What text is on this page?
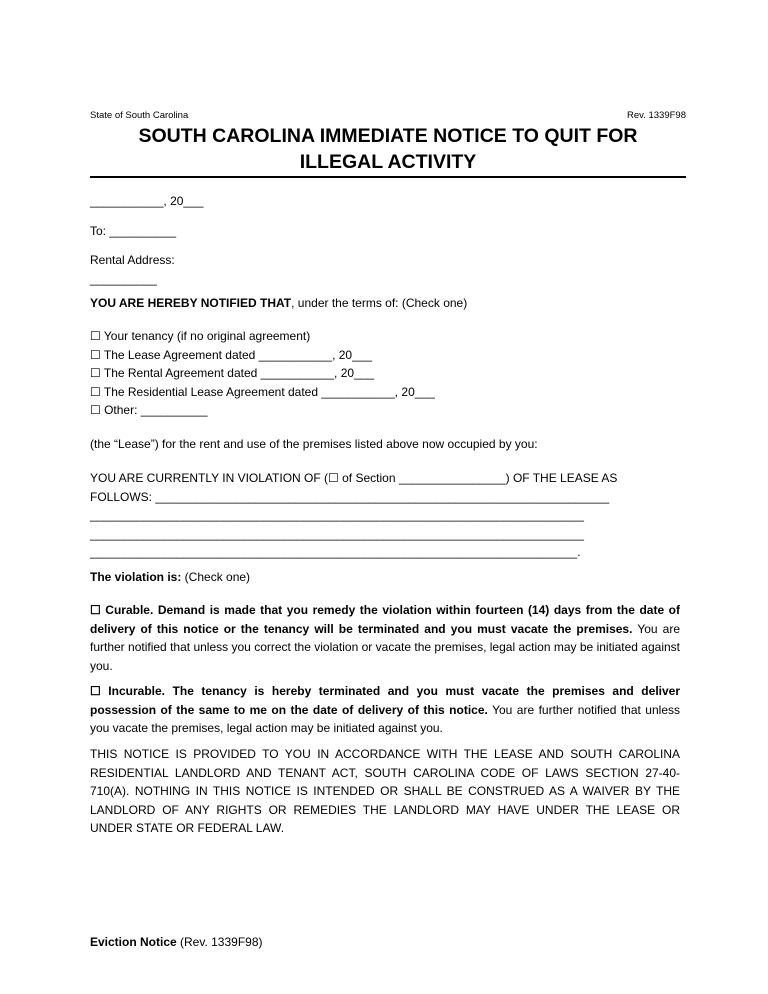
State of South Carolina	Rev. 1339F98
SOUTH CAROLINA IMMEDIATE NOTICE TO QUIT FOR
ILLEGAL ACTIVITY
___________, 20___
To: __________
Rental Address:
__________
YOU ARE HEREBY NOTIFIED THAT, under the terms of: (Check one)
☐ Your tenancy (if no original agreement)
☐ The Lease Agreement dated ___________, 20___
☐ The Rental Agreement dated ___________, 20___
☐ The Residential Lease Agreement dated ___________, 20___
☐ Other: __________
(the “Lease”) for the rent and use of the premises listed above now occupied by you:
YOU ARE CURRENTLY IN VIOLATION OF (☐ of Section ________________) OF THE LEASE AS
FOLLOWS: ____________________________________________________________________
__________________________________________________________________________
__________________________________________________________________________
_________________________________________________________________________.
The violation is: (Check one)
☐ Curable. Demand is made that you remedy the violation within fourteen (14) days from the date of delivery of this notice or the tenancy will be terminated and you must vacate the premises. You are further notified that unless you correct the violation or vacate the premises, legal action may be initiated against you.
☐ Incurable. The tenancy is hereby terminated and you must vacate the premises and deliver possession of the same to me on the date of delivery of this notice. You are further notified that unless you vacate the premises, legal action may be initiated against you.
THIS NOTICE IS PROVIDED TO YOU IN ACCORDANCE WITH THE LEASE AND SOUTH CAROLINA RESIDENTIAL LANDLORD AND TENANT ACT, SOUTH CAROLINA CODE OF LAWS SECTION 27-40-710(A). NOTHING IN THIS NOTICE IS INTENDED OR SHALL BE CONSTRUED AS A WAIVER BY THE LANDLORD OF ANY RIGHTS OR REMEDIES THE LANDLORD MAY HAVE UNDER THE LEASE OR UNDER STATE OR FEDERAL LAW.
Eviction Notice (Rev. 1339F98)
